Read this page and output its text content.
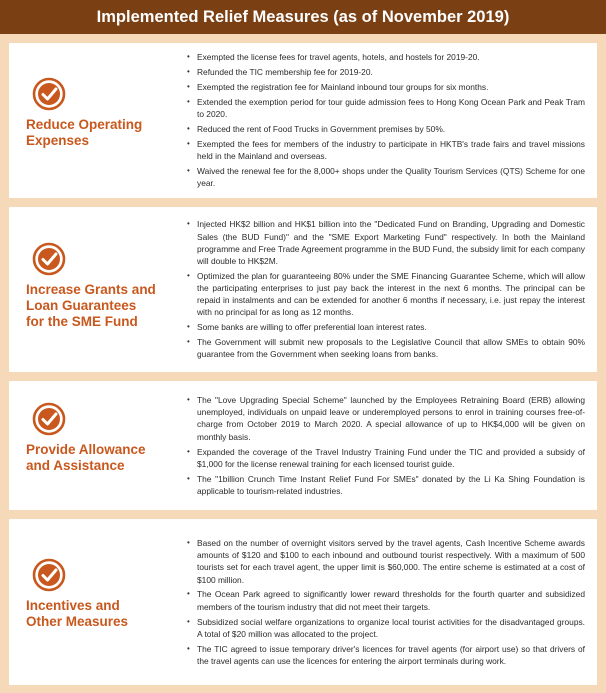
Implemented Relief Measures (as of November 2019)
Reduce Operating
Expenses
• Exempted the license fees for travel agents, hotels, and hostels for 2019-20.
• Refunded the TIC membership fee for 2019-20.
• Exempted the registration fee for Mainland inbound tour groups for six months.
• Extended the exemption period for tour guide admission fees to Hong Kong Ocean Park and Peak Tram to 2020.
• Reduced the rent of Food Trucks in Government premises by 50%.
• Exempted the fees for members of the industry to participate in HKTB's trade fairs and travel missions held in the Mainland and overseas.
• Waived the renewal fee for the 8,000+ shops under the Quality Tourism Services (QTS) Scheme for one year.
Increase Grants and
Loan Guarantees
for the SME Fund
• Injected HK$2 billion and HK$1 billion into the "Dedicated Fund on Branding, Upgrading and Domestic Sales (the BUD Fund)" and the "SME Export Marketing Fund" respectively. In both the Mainland programme and Free Trade Agreement programme in the BUD Fund, the subsidy limit for each company will double to HK$2M.
• Optimized the plan for guaranteeing 80% under the SME Financing Guarantee Scheme, which will allow the participating enterprises to just pay back the interest in the next 6 months. The principal can be repaid in instalments and can be extended for another 6 months if necessary, i.e. just repay the interest with no principal for as long as 12 months.
• Some banks are willing to offer preferential loan interest rates.
• The Government will submit new proposals to the Legislative Council that allow SMEs to obtain 90% guarantee from the Government when seeking loans from banks.
Provide Allowance
and Assistance
• The "Love Upgrading Special Scheme" launched by the Employees Retraining Board (ERB) allowing unemployed, individuals on unpaid leave or underemployed persons to enrol in training courses free-of-charge from October 2019 to March 2020. A special allowance of up to HK$4,000 will be given on monthly basis.
• Expanded the coverage of the Travel Industry Training Fund under the TIC and provided a subsidy of $1,000 for the license renewal training for each licensed tourist guide.
• The "1billion Crunch Time Instant Relief Fund For SMEs" donated by the Li Ka Shing Foundation is applicable to tourism-related industries.
Incentives and
Other Measures
• Based on the number of overnight visitors served by the travel agents, Cash Incentive Scheme awards amounts of $120 and $100 to each inbound and outbound tourist respectively. With a maximum of 500 tourists set for each travel agent, the upper limit is $60,000. The entire scheme is estimated at a cost of $100 million.
• The Ocean Park agreed to significantly lower reward thresholds for the fourth quarter and subsidized members of the tourism industry that did not meet their targets.
• Subsidized social welfare organizations to organize local tourist activities for the disadvantaged groups. A total of $20 million was allocated to the project.
• The TIC agreed to issue temporary driver's licences for travel agents (for airport use) so that drivers of the travel agents can use the licences for entering the airport terminals during work.
